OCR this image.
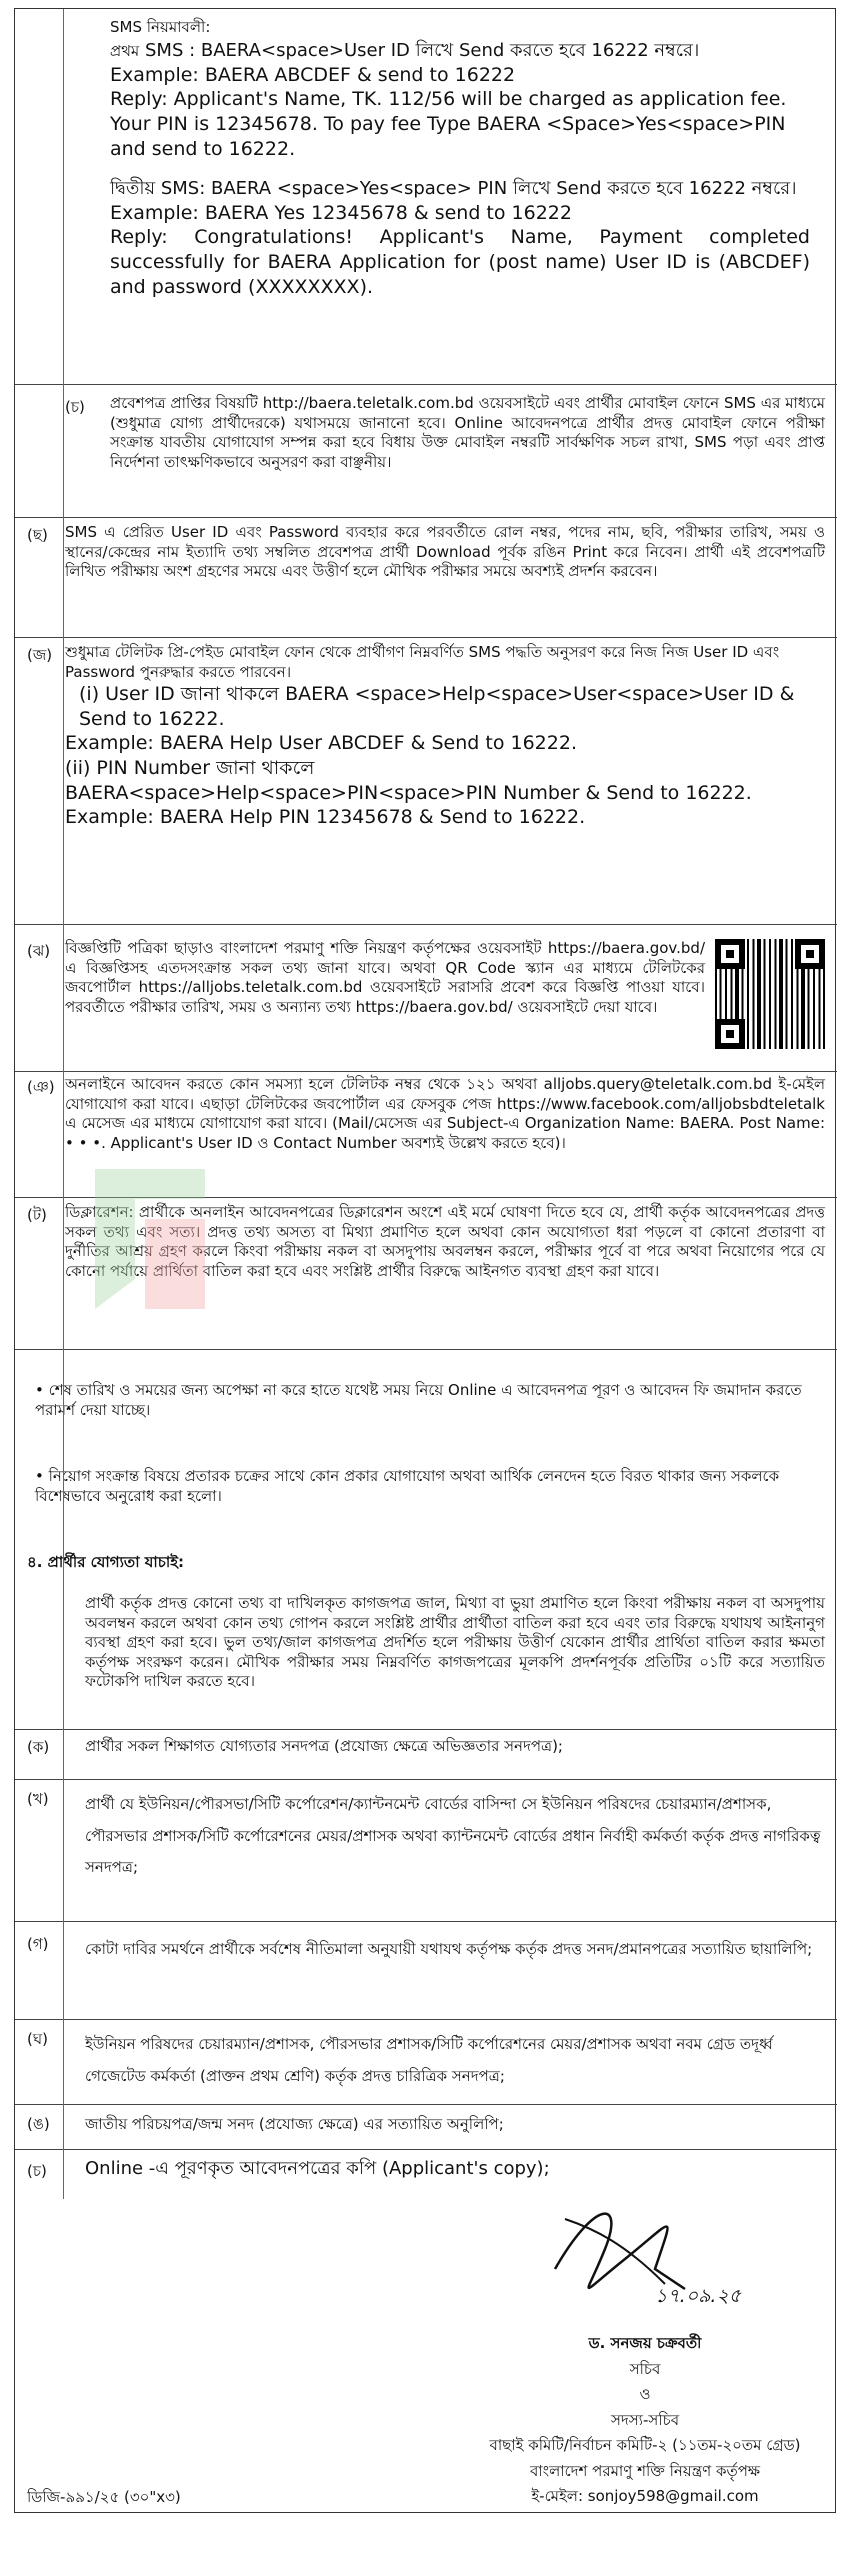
SMS নিয়মাবলী:

প্রথম SMS : BAERA<space>User ID লিখে Send করতে হবে 16222 নম্বরে।

Example: BAERA ABCDEF & send to 16222

Reply: Applicant's Name, TK. 112/56 will be charged as application fee. Your PIN is 12345678. To pay fee Type BAERA <Space>Yes<space>PIN and send to 16222.

দ্বিতীয় SMS: BAERA <space>Yes<space> PIN লিখে Send করতে হবে 16222 নম্বরে।

Example: BAERA Yes 12345678 & send to 16222

Reply: Congratulations! Applicant's Name, Payment completed successfully for BAERA Application for (post name) User ID is (ABCDEF) and password (XXXXXXXX).

(চ) প্রবেশপত্র প্রাপ্তির বিষয়টি http://baera.teletalk.com.bd ওয়েবসাইটে এবং প্রার্থীর মোবাইল ফোনে SMS এর মাধ্যমে (শুধুমাত্র যোগ্য প্রার্থীদেরকে) যথাসময়ে জানানো হবে। Online আবেদনপত্রে প্রার্থীর প্রদত্ত মোবাইল ফোনে পরীক্ষা সংক্রান্ত যাবতীয় যোগাযোগ সম্পন্ন করা হবে বিধায় উক্ত মোবাইল নম্বরটি সার্বক্ষণিক সচল রাখা, SMS পড়া এবং প্রাপ্ত নির্দেশনা তাৎক্ষণিকভাবে অনুসরণ করা বাঞ্ছনীয়।

(ছ) SMS এ প্রেরিত User ID এবং Password ব্যবহার করে পরবর্তীতে রোল নম্বর, পদের নাম, ছবি, পরীক্ষার তারিখ, সময় ও স্থানের/কেন্দ্রের নাম ইত্যাদি তথ্য সম্বলিত প্রবেশপত্র প্রার্থী Download পূর্বক রঙিন Print করে নিবেন। প্রার্থী এই প্রবেশপত্রটি লিখিত পরীক্ষায় অংশ গ্রহণের সময়ে এবং উত্তীর্ণ হলে মৌখিক পরীক্ষার সময়ে অবশ্যই প্রদর্শন করবেন।

(জ) শুধুমাত্র টেলিটক প্রি-পেইড মোবাইল ফোন থেকে প্রার্থীগণ নিম্নবর্ণিত SMS পদ্ধতি অনুসরণ করে নিজ নিজ User ID এবং Password পুনরুদ্ধার করতে পারবেন।

(i) User ID জানা থাকলে BAERA <space>Help<space>User<space>User ID & Send to 16222.

Example: BAERA Help User ABCDEF & Send to 16222.

(ii) PIN Number জানা থাকলে

BAERA<space>Help<space>PIN<space>PIN Number & Send to 16222.

Example: BAERA Help PIN 12345678 & Send to 16222.

(ঝ) বিজ্ঞপ্তিটি পত্রিকা ছাড়াও বাংলাদেশ পরমাণু শক্তি নিয়ন্ত্রণ কর্তৃপক্ষের ওয়েবসাইট https://baera.gov.bd/ এ বিজ্ঞপ্তিসহ এতদসংক্রান্ত সকল তথ্য জানা যাবে। অথবা QR Code স্ক্যান এর মাধ্যমে টেলিটকের জবপোর্টাল https://alljobs.teletalk.com.bd ওয়েবসাইটে সরাসরি প্রবেশ করে বিজ্ঞপ্তি পাওয়া যাবে। পরবর্তীতে পরীক্ষার তারিখ, সময় ও অন্যান্য তথ্য https://baera.gov.bd/ ওয়েবসাইটে দেয়া যাবে।

(ঞ) অনলাইনে আবেদন করতে কোন সমস্যা হলে টেলিটক নম্বর থেকে ১২১ অথবা alljobs.query@teletalk.com.bd ই-মেইল যোগাযোগ করা যাবে। এছাড়া টেলিটকের জবপোর্টাল এর ফেসবুক পেজ https://www.facebook.com/alljobsbdteletalk এ মেসেজ এর মাধ্যমে যোগাযোগ করা যাবে। (Mail/মেসেজ এর Subject-এ Organization Name: BAERA. Post Name: • • •. Applicant's User ID ও Contact Number অবশ্যই উল্লেখ করতে হবে)।

(ট) ডিক্লারেশন: প্রার্থীকে অনলাইন আবেদনপত্রের ডিক্লারেশন অংশে এই মর্মে ঘোষণা দিতে হবে যে, প্রার্থী কর্তৃক আবেদনপত্রের প্রদত্ত সকল তথ্য এবং সত্য। প্রদত্ত তথ্য অসত্য বা মিথ্যা প্রমাণিত হলে অথবা কোন অযোগ্যতা ধরা পড়লে বা কোনো প্রতারণা বা দুর্নীতির আশ্রয় গ্রহণ করলে কিংবা পরীক্ষায় নকল বা অসদুপায় অবলম্বন করলে, পরীক্ষার পূর্বে বা পরে অথবা নিয়োগের পরে যে কোনো পর্যায়ে প্রার্থিতা বাতিল করা হবে এবং সংশ্লিষ্ট প্রার্থীর বিরুদ্ধে আইনগত ব্যবস্থা গ্রহণ করা যাবে।

• শেষ তারিখ ও সময়ের জন্য অপেক্ষা না করে হাতে যথেষ্ট সময় নিয়ে Online এ আবেদনপত্র পূরণ ও আবেদন ফি জমাদান করতে পরামর্শ দেয়া যাচ্ছে।

• নিয়োগ সংক্রান্ত বিষয়ে প্রতারক চক্রের সাথে কোন প্রকার যোগাযোগ অথবা আর্থিক লেনদেন হতে বিরত থাকার জন্য সকলকে বিশেষভাবে অনুরোধ করা হলো।

৪. প্রার্থীর যোগ্যতা যাচাই:

প্রার্থী কর্তৃক প্রদত্ত কোনো তথ্য বা দাখিলকৃত কাগজপত্র জাল, মিথ্যা বা ভুয়া প্রমাণিত হলে কিংবা পরীক্ষায় নকল বা অসদুপায় অবলম্বন করলে অথবা কোন তথ্য গোপন করলে সংশ্লিষ্ট প্রার্থীর প্রার্থীতা বাতিল করা হবে এবং তার বিরুদ্ধে যথাযথ আইনানুগ ব্যবস্থা গ্রহণ করা হবে। ভুল তথ্য/জাল কাগজপত্র প্রদর্শিত হলে পরীক্ষায় উত্তীর্ণ যেকোন প্রার্থীর প্রার্থিতা বাতিল করার ক্ষমতা কর্তৃপক্ষ সংরক্ষণ করেন। মৌখিক পরীক্ষার সময় নিম্নবর্ণিত কাগজপত্রের মূলকপি প্রদর্শনপূর্বক প্রতিটির ০১টি করে সত্যায়িত ফটোকপি দাখিল করতে হবে।

(ক) প্রার্থীর সকল শিক্ষাগত যোগ্যতার সনদপত্র (প্রযোজ্য ক্ষেত্রে অভিজ্ঞতার সনদপত্র);

(খ) প্রার্থী যে ইউনিয়ন/পৌরসভা/সিটি কর্পোরেশন/ক্যান্টনমেন্ট বোর্ডের বাসিন্দা সে ইউনিয়ন পরিষদের চেয়ারম্যান/প্রশাসক, পৌরসভার প্রশাসক/সিটি কর্পোরেশনের মেয়র/প্রশাসক অথবা ক্যান্টনমেন্ট বোর্ডের প্রধান নির্বাহী কর্মকর্তা কর্তৃক প্রদত্ত নাগরিকত্ব সনদপত্র;

(গ) কোটা দাবির সমর্থনে প্রার্থীকে সর্বশেষ নীতিমালা অনুযায়ী যথাযথ কর্তৃপক্ষ কর্তৃক প্রদত্ত সনদ/প্রমানপত্রের সত্যায়িত ছায়ালিপি;

(ঘ) ইউনিয়ন পরিষদের চেয়ারম্যান/প্রশাসক, পৌরসভার প্রশাসক/সিটি কর্পোরেশনের মেয়র/প্রশাসক অথবা নবম গ্রেড তদূর্ধ্ব গেজেটেড কর্মকর্তা (প্রাক্তন প্রথম শ্রেণি) কর্তৃক প্রদত্ত চারিত্রিক সনদপত্র;

(ঙ) জাতীয় পরিচয়পত্র/জন্ম সনদ (প্রযোজ্য ক্ষেত্রে) এর সত্যায়িত অনুলিপি;

(চ) Online -এ পূরণকৃত আবেদনপত্রের কপি (Applicant's copy);

১৭.০৯.২৫

ড. সনজয় চক্রবর্তী

সচিব

ও

সদস্য-সচিব

বাছাই কমিটি/নির্বাচন কমিটি-২ (১১তম-২০তম গ্রেড)

বাংলাদেশ পরমাণু শক্তি নিয়ন্ত্রণ কর্তৃপক্ষ

ই-মেইল: sonjoy598@gmail.com

ডিজি-৯৯১/২৫ (৩০"x৩)
